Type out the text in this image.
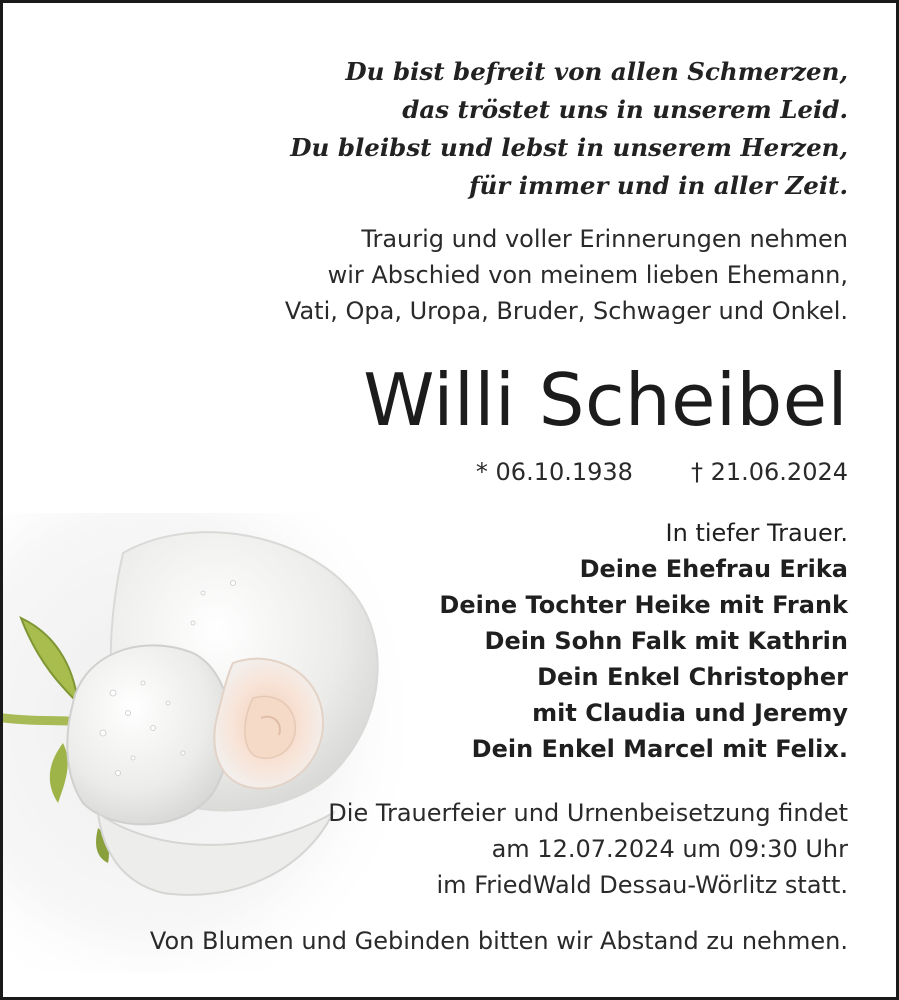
Du bist befreit von allen Schmerzen,
das tröstet uns in unserem Leid.
Du bleibst und lebst in unserem Herzen,
für immer und in aller Zeit.
Traurig und voller Erinnerungen nehmen
wir Abschied von meinem lieben Ehemann,
Vati, Opa, Uropa, Bruder, Schwager und Onkel.
Willi Scheibel
* 06.10.1938 † 21.06.2024
In tiefer Trauer.
Deine Ehefrau Erika
Deine Tochter Heike mit Frank
Dein Sohn Falk mit Kathrin
Dein Enkel Christopher
mit Claudia und Jeremy
Dein Enkel Marcel mit Felix.
Die Trauerfeier und Urnenbeisetzung findet
am 12.07.2024 um 09:30 Uhr
im FriedWald Dessau-Wörlitz statt.
Von Blumen und Gebinden bitten wir Abstand zu nehmen.
